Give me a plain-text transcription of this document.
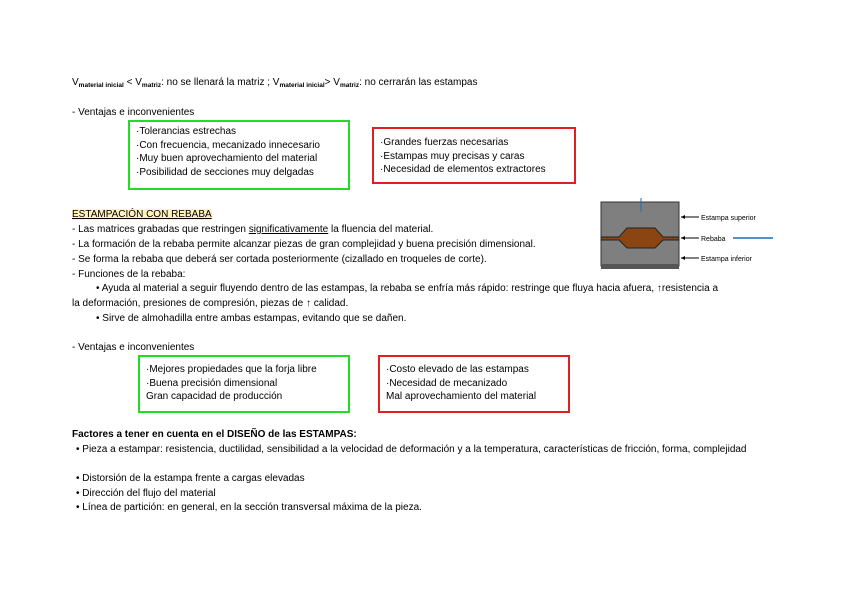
$V_{material inicial} < V_{matriz}$: no se llenará la matriz ; $V_{material inicial}> V_{matriz}$: no cerrarán las estampas
- Ventajas e inconvenientes
·Tolerancias estrechas
·Con frecuencia, mecanizado innecesario
·Muy buen aprovechamiento del material
·Posibilidad de secciones muy delgadas
·Grandes fuerzas necesarias
·Estampas muy precisas y caras
·Necesidad de elementos extractores
ESTAMPACIÓN CON REBABA
- Las matrices grabadas que restringen significativamente la fluencia del material.
- La formación de la rebaba permite alcanzar piezas de gran complejidad y buena precisión dimensional.
- Se forma la rebaba que deberá ser cortada posteriormente (cizallado en troqueles de corte).
- Funciones de la rebaba:
• Ayuda al material a seguir fluyendo dentro de las estampas, la rebaba se enfría más rápido: restringe que fluya hacia afuera, ↑resistencia a
la deformación, presiones de compresión, piezas de ↑ calidad.
• Sirve de almohadilla entre ambas estampas, evitando que se dañen.
Estampa superior
Rebaba
Estampa inferior
- Ventajas e inconvenientes
·Mejores propiedades que la forja libre
·Buena precisión dimensional
Gran capacidad de producción
·Costo elevado de las estampas
·Necesidad de mecanizado
Mal aprovechamiento del material
Factores a tener en cuenta en el DISEÑO de las ESTAMPAS:
• Pieza a estampar: resistencia, ductilidad, sensibilidad a la velocidad de deformación y a la temperatura, características de fricción, forma, complejidad
• Distorsión de la estampa frente a cargas elevadas
• Dirección del flujo del material
• Línea de partición: en general, en la sección transversal máxima de la pieza.
